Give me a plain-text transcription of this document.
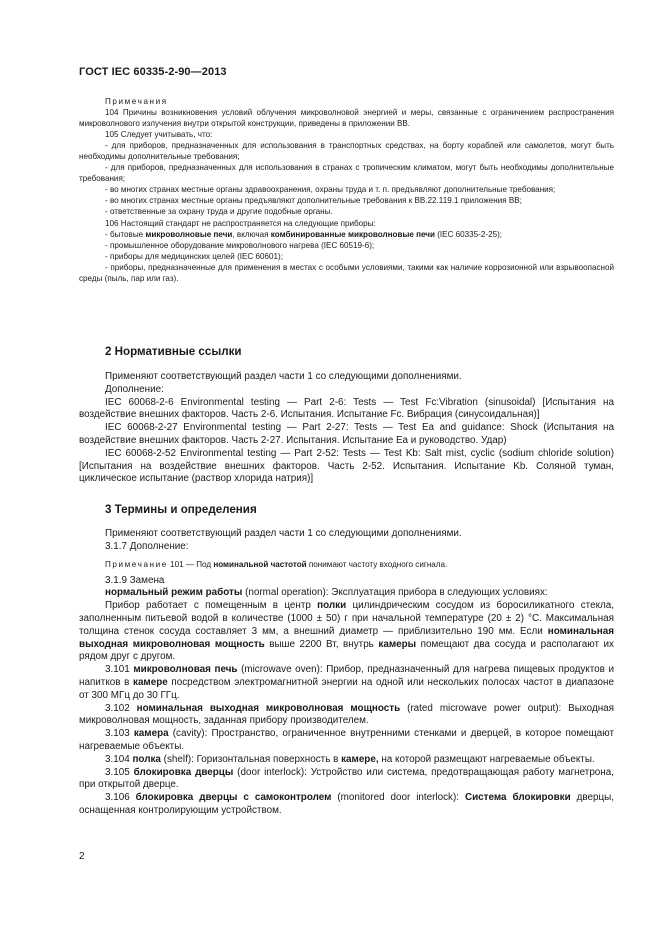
ГОСТ IEC 60335-2-90—2013

Примечания

104 Причины возникновения условий облучения микроволновой энергией и меры, связанные с ограничением распространения микроволнового излучения внутри открытой конструкции, приведены в приложении ВВ.

105 Следует учитывать, что:

- для приборов, предназначенных для использования в транспортных средствах, на борту кораблей или самолетов, могут быть необходимы дополнительные требования;

- для приборов, предназначенных для использования в странах с тропическим климатом, могут быть необходимы дополнительные требования;

- во многих странах местные органы здравоохранения, охраны труда и т. п. предъявляют дополнительные требования;

- во многих странах местные органы предъявляют дополнительные требования к ВВ.22.119.1 приложения ВВ;

- ответственные за охрану труда и другие подобные органы.

106 Настоящий стандарт не распространяется на следующие приборы:

- бытовые микроволновые печи, включая комбинированные микроволновые печи (IEC 60335-2-25);

- промышленное оборудование микроволнового нагрева (IEC 60519-6);

- приборы для медицинских целей (IEC 60601);

- приборы, предназначенные для применения в местах с особыми условиями, такими как наличие коррозионной или взрывоопасной среды (пыль, пар или газ).

2 Нормативные ссылки

Применяют соответствующий раздел части 1 со следующими дополнениями.

Дополнение:

IEC 60068-2-6 Environmental testing — Part 2-6: Tests — Test Fc:Vibration (sinusoidal) [Испытания на воздействие внешних факторов. Часть 2-6. Испытания. Испытание Fc. Вибрация (синусоидальная)]

IEC 60068-2-27 Environmental testing — Part 2-27: Tests — Test Ea and guidance: Shock (Испытания на воздействие внешних факторов. Часть 2-27. Испытания. Испытание Ea и руководство. Удар)

IEC 60068-2-52 Environmental testing — Part 2-52: Tests — Test Kb: Salt mist, cyclic (sodium chloride solution) [Испытания на воздействие внешних факторов. Часть 2-52. Испытания. Испытание Kb. Соляной туман, циклическое испытание (раствор хлорида натрия)]

3 Термины и определения

Применяют соответствующий раздел части 1 со следующими дополнениями.

3.1.7 Дополнение:

Примечание 101 — Под номинальной частотой понимают частоту входного сигнала.

3.1.9 Замена

нормальный режим работы (normal operation): Эксплуатация прибора в следующих условиях:

Прибор работает с помещенным в центр полки цилиндрическим сосудом из боросиликатного стекла, заполненным питьевой водой в количестве (1000 ± 50) г при начальной температуре (20 ± 2) °С. Максимальная толщина стенок сосуда составляет 3 мм, а внешний диаметр — приблизительно 190 мм. Если номинальная выходная микроволновая мощность выше 2200 Вт, внутрь камеры помещают два сосуда и располагают их рядом друг с другом.

3.101 микроволновая печь (microwave oven): Прибор, предназначенный для нагрева пищевых продуктов и напитков в камере посредством электромагнитной энергии на одной или нескольких полосах частот в диапазоне от 300 МГц до 30 ГГц.

3.102 номинальная выходная микроволновая мощность (rated microwave power output): Выходная микроволновая мощность, заданная прибору производителем.

3.103 камера (cavity): Пространство, ограниченное внутренними стенками и дверцей, в которое помещают нагреваемые объекты.

3.104 полка (shelf): Горизонтальная поверхность в камере, на которой размещают нагреваемые объекты.

3.105 блокировка дверцы (door interlock): Устройство или система, предотвращающая работу магнетрона, при открытой дверце.

3.106 блокировка дверцы с самоконтролем (monitored door interlock): Система блокировки дверцы, оснащенная контролирующим устройством.

2
